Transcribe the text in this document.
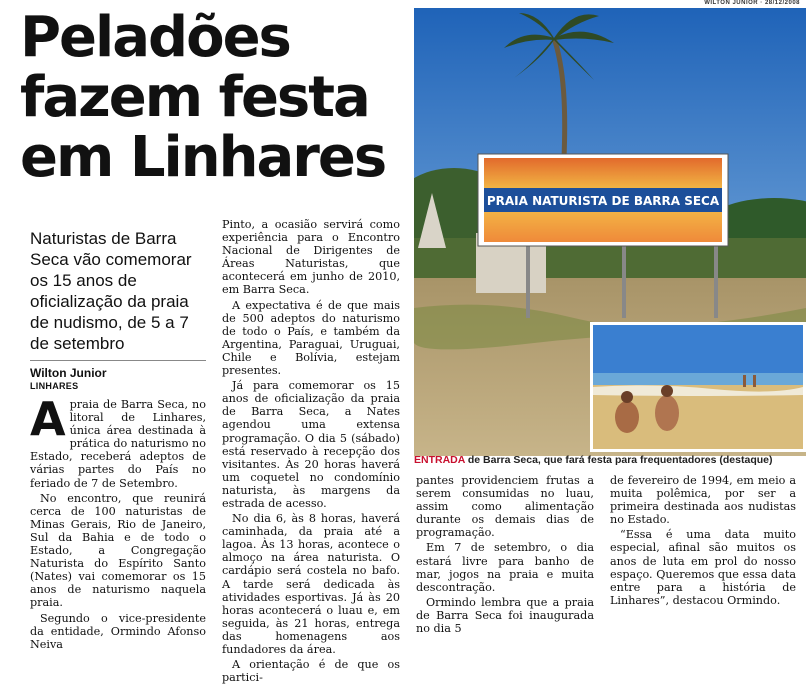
WILTON JUNIOR · 28/12/2008
Peladões
fazem festa
em Linhares
Naturistas de Barra Seca vão comemorar os 15 anos de oficialização da praia de nudismo, de 5 a 7 de setembro
Wilton Junior
LINHARES
A praia de Barra Seca, no litoral de Linhares, única área destinada à prática do naturismo no Estado, receberá adeptos de várias partes do País no feriado de 7 de Setembro.

No encontro, que reunirá cerca de 100 naturistas de Minas Gerais, Rio de Janeiro, Sul da Bahia e de todo o Estado, a Congregação Naturista do Espírito Santo (Nates) vai comemorar os 15 anos de naturismo naquela praia.

Segundo o vice-presidente da entidade, Ormindo Afonso Neiva

Pinto, a ocasião servirá como experiência para o Encontro Nacional de Dirigentes de Áreas Naturistas, que acontecerá em junho de 2010, em Barra Seca.

A expectativa é de que mais de 500 adeptos do naturismo de todo o País, e também da Argentina, Paraguai, Uruguai, Chile e Bolívia, estejam presentes.

Já para comemorar os 15 anos de oficialização da praia de Barra Seca, a Nates agendou uma extensa programação. O dia 5 (sábado) está reservado à recepção dos visitantes. Às 20 horas haverá um coquetel no condomínio naturista, às margens da estrada de acesso.

No dia 6, às 8 horas, haverá caminhada, da praia até a lagoa. Às 13 horas, acontece o almoço na área naturista. O cardápio será costela no bafo. A tarde será dedicada às atividades esportivas. Já às 20 horas acontecerá o luau e, em seguida, às 21 horas, entrega das homenagens aos fundadores da área.

A orientação é de que os partici-

pantes providenciem frutas a serem consumidas no luau, assim como alimentação durante os demais dias de programação.

Em 7 de setembro, o dia estará livre para banho de mar, jogos na praia e muita descontração.

Ormindo lembra que a praia de Barra Seca foi inaugurada no dia 5

de fevereiro de 1994, em meio a muita polêmica, por ser a primeira destinada aos nudistas no Estado.

“Essa é uma data muito especial, afinal são muitos os anos de luta em prol do nosso espaço. Queremos que essa data entre para a história de Linhares”, destacou Ormindo.

PRAIA NATURISTA DE BARRA SECA
ENTRADA de Barra Seca, que fará festa para frequentadores (destaque)
